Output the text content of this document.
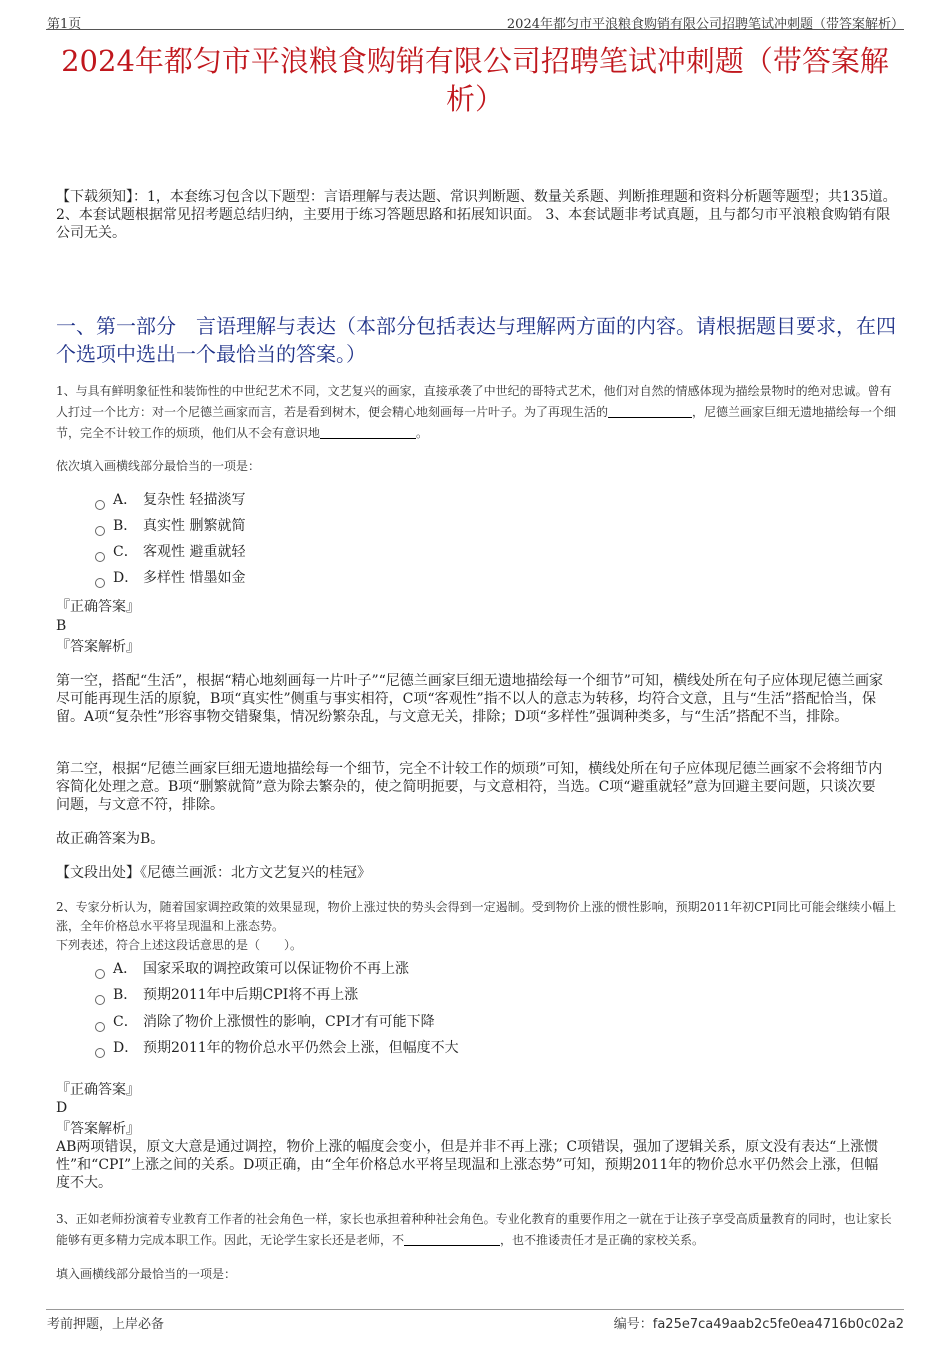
第1页	2024年都匀市平浪粮食购销有限公司招聘笔试冲刺题（带答案解析）
2024年都匀市平浪粮食购销有限公司招聘笔试冲刺题（带答案解析）
【下载须知】：1，本套练习包含以下题型：言语理解与表达题、常识判断题、数量关系题、判断推理题和资料分析题等题型；共135道。 2、本套试题根据常见招考题总结归纳，主要用于练习答题思路和拓展知识面。 3、本套试题非考试真题，且与都匀市平浪粮食购销有限公司无关。
一、第一部分　言语理解与表达（本部分包括表达与理解两方面的内容。请根据题目要求，在四个选项中选出一个最恰当的答案。）
1、与具有鲜明象征性和装饰性的中世纪艺术不同，文艺复兴的画家，直接承袭了中世纪的哥特式艺术，他们对自然的情感体现为描绘景物时的绝对忠诚。曾有人打过一个比方：对一个尼德兰画家而言，若是看到树木，便会精心地刻画每一片叶子。为了再现生活的	，尼德兰画家巨细无遗地描绘每一个细节，完全不计较工作的烦琐，他们从不会有意识地	。
依次填入画横线部分最恰当的一项是：
A． 复杂性 轻描淡写
B． 真实性 删繁就简
C． 客观性 避重就轻
D． 多样性 惜墨如金
『正确答案』
B
『答案解析』
第一空，搭配“生活”，根据“精心地刻画每一片叶子”“尼德兰画家巨细无遗地描绘每一个细节”可知，横线处所在句子应体现尼德兰画家尽可能再现生活的原貌，B项“真实性”侧重与事实相符，C项“客观性”指不以人的意志为转移，均符合文意，且与“生活”搭配恰当，保留。A项“复杂性”形容事物交错聚集，情况纷繁杂乱，与文意无关，排除；D项“多样性”强调种类多，与“生活”搭配不当，排除。
第二空，根据“尼德兰画家巨细无遗地描绘每一个细节，完全不计较工作的烦琐”可知，横线处所在句子应体现尼德兰画家不会将细节内容简化处理之意。B项“删繁就简”意为除去繁杂的，使之简明扼要，与文意相符，当选。C项“避重就轻”意为回避主要问题，只谈次要问题，与文意不符，排除。
故正确答案为B。
【文段出处】《尼德兰画派：北方文艺复兴的桂冠》
2、专家分析认为，随着国家调控政策的效果显现，物价上涨过快的势头会得到一定遏制。受到物价上涨的惯性影响，预期2011年初CPI同比可能会继续小幅上涨，全年价格总水平将呈现温和上涨态势。
下列表述，符合上述这段话意思的是（　　）。
A． 国家采取的调控政策可以保证物价不再上涨
B． 预期2011年中后期CPI将不再上涨
C． 消除了物价上涨惯性的影响，CPI才有可能下降
D． 预期2011年的物价总水平仍然会上涨，但幅度不大
『正确答案』
D
『答案解析』
AB两项错误，原文大意是通过调控，物价上涨的幅度会变小，但是并非不再上涨；C项错误，强加了逻辑关系，原文没有表达“上涨惯性”和“CPI”上涨之间的关系。D项正确，由“全年价格总水平将呈现温和上涨态势”可知，预期2011年的物价总水平仍然会上涨，但幅度不大。
3、正如老师扮演着专业教育工作者的社会角色一样，家长也承担着种种社会角色。专业化教育的重要作用之一就在于让孩子享受高质量教育的同时，也让家长能够有更多精力完成本职工作。因此，无论学生家长还是老师，不	，也不推诿责任才是正确的家校关系。
填入画横线部分最恰当的一项是：
考前押题，上岸必备	编号：fa25e7ca49aab2c5fe0ea4716b0c02a2
